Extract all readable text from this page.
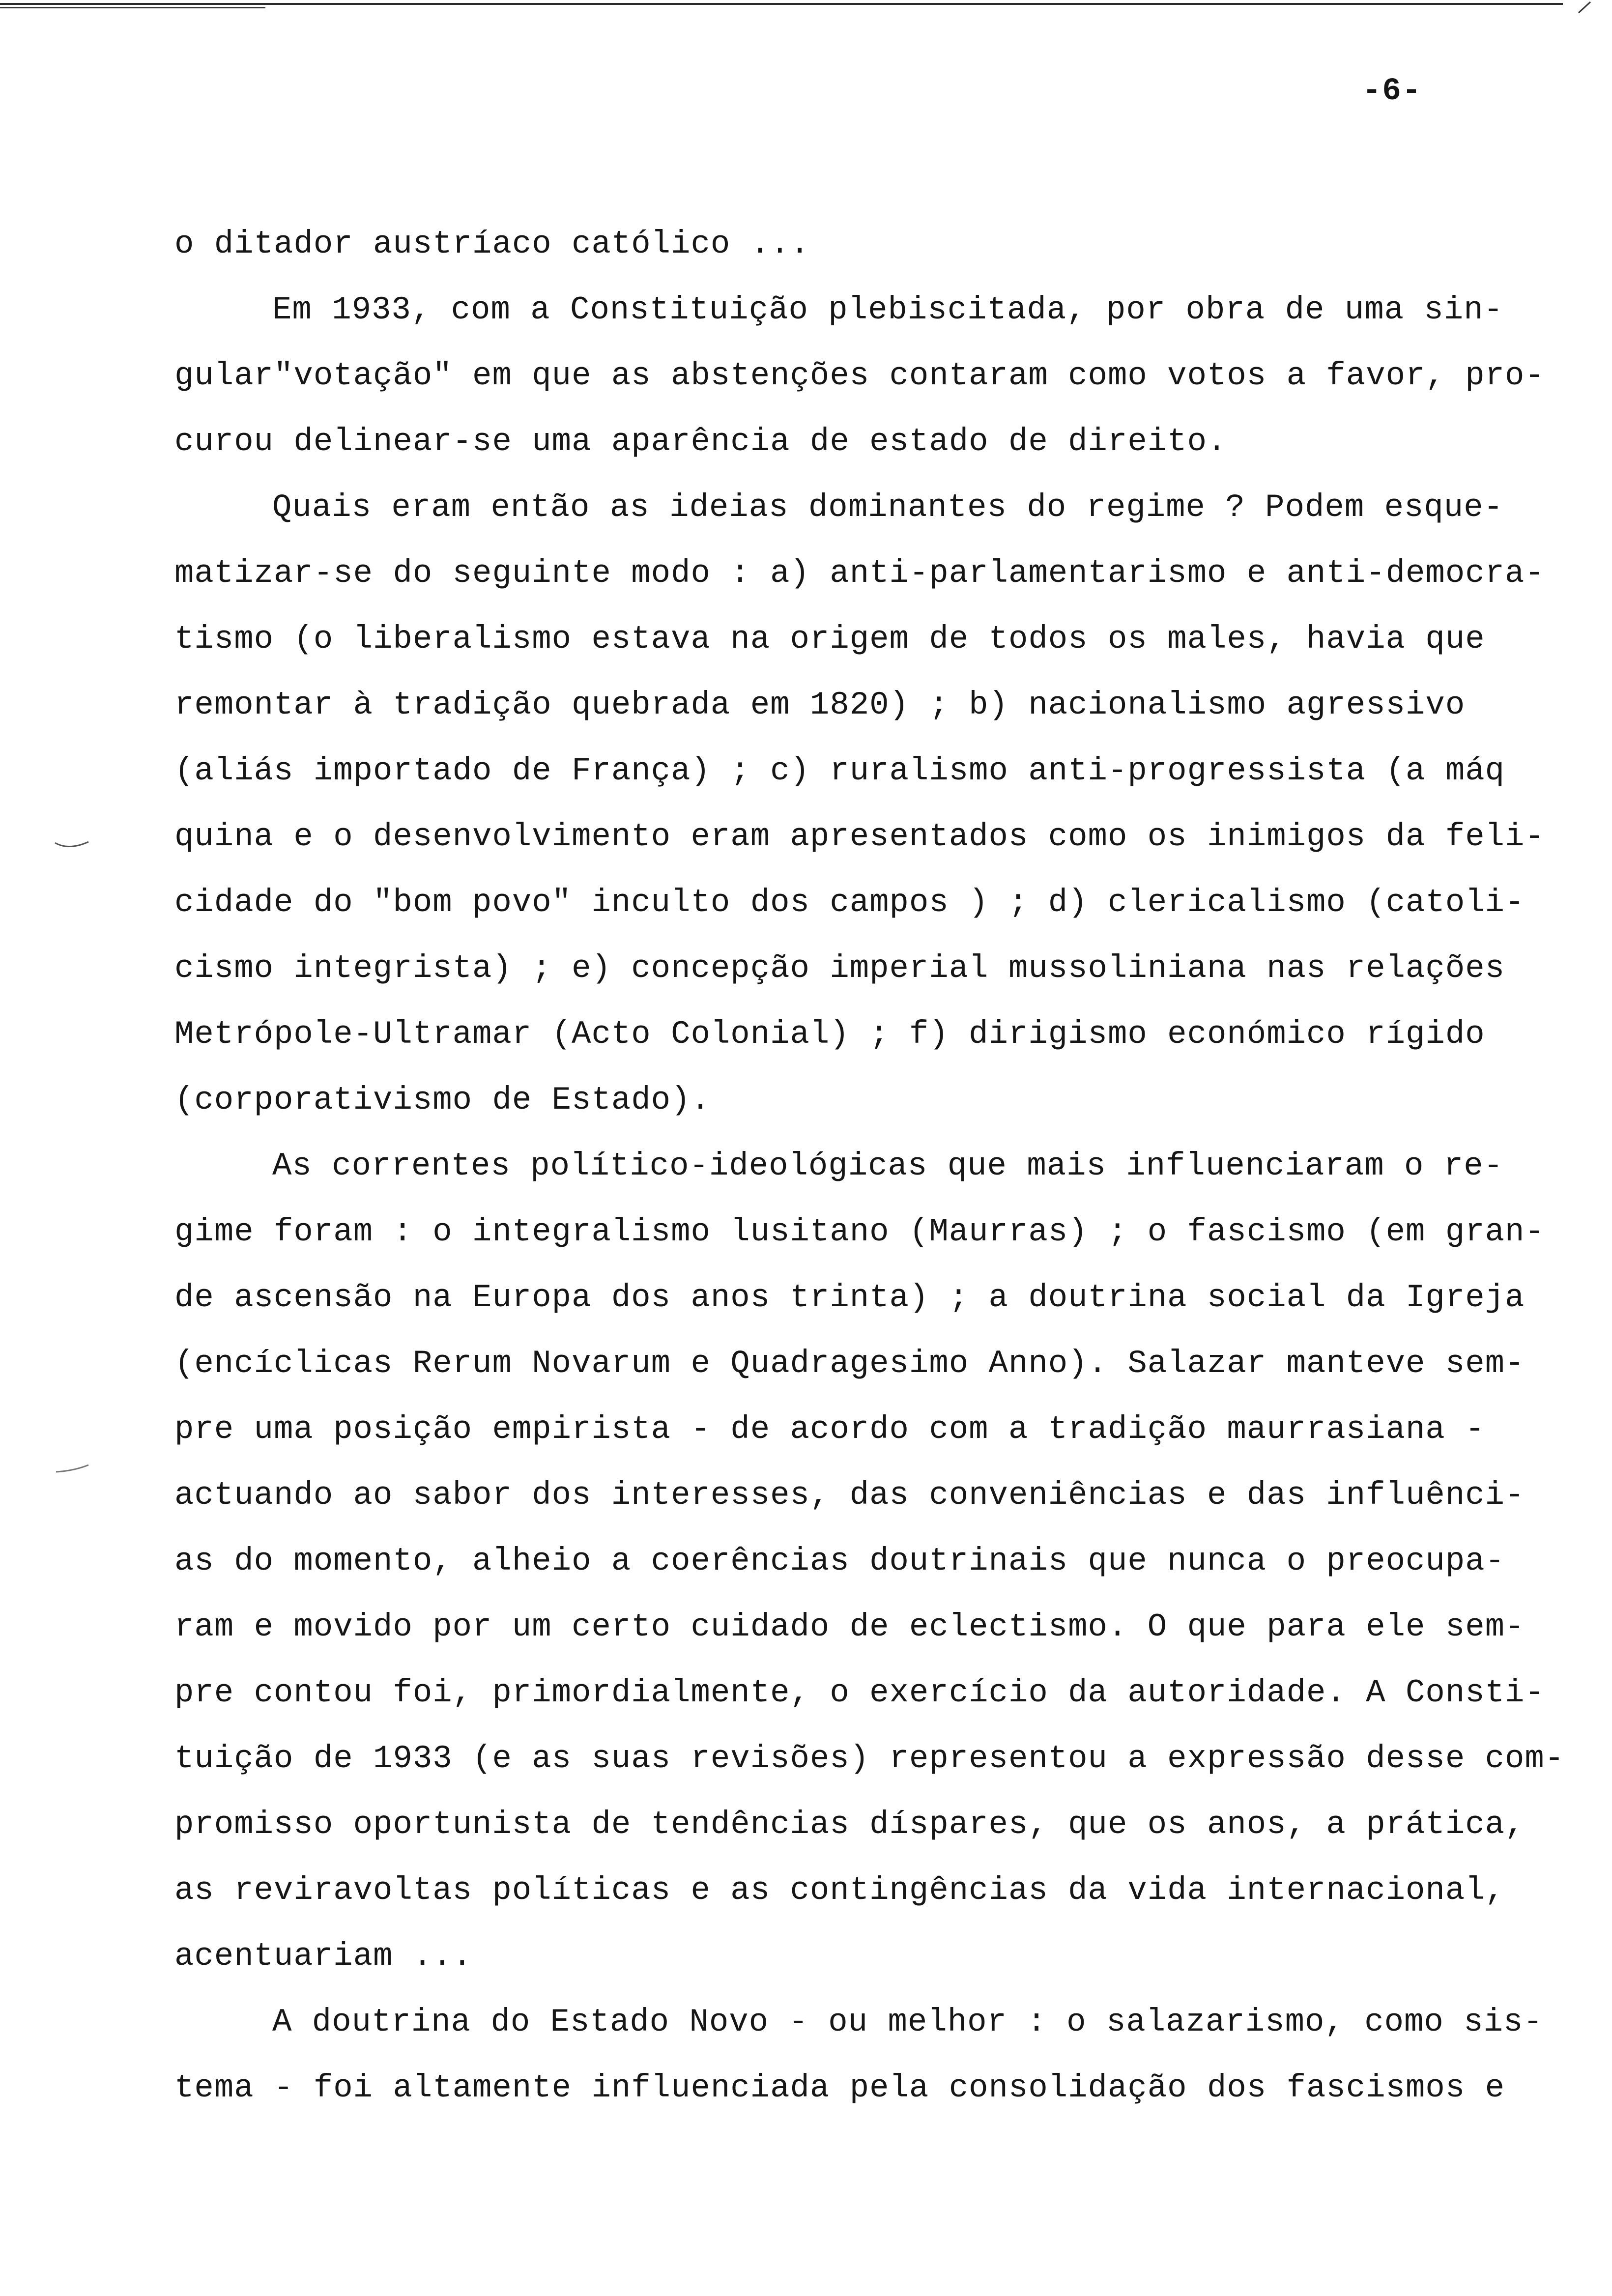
-6-
o ditador austríaco católico ...
Em 1933, com a Constituição plebiscitada, por obra de uma sin-
gular"votação" em que as abstenções contaram como votos a favor, pro-
curou delinear-se uma aparência de estado de direito.
Quais eram então as ideias dominantes do regime ? Podem esque-
matizar-se do seguinte modo : a) anti-parlamentarismo e anti-democra-
tismo (o liberalismo estava na origem de todos os males, havia que
remontar à tradição quebrada em 1820) ; b) nacionalismo agressivo
(aliás importado de França) ; c) ruralismo anti-progressista (a máq
quina e o desenvolvimento eram apresentados como os inimigos da feli-
cidade do "bom povo" inculto dos campos ) ; d) clericalismo (catoli-
cismo integrista) ; e) concepção imperial mussoliniana nas relações
Metrópole-Ultramar (Acto Colonial) ; f) dirigismo económico rígido
(corporativismo de Estado).
As correntes político-ideológicas que mais influenciaram o re-
gime foram : o integralismo lusitano (Maurras) ; o fascismo (em gran-
de ascensão na Europa dos anos trinta) ; a doutrina social da Igreja
(encíclicas Rerum Novarum e Quadragesimo Anno). Salazar manteve sem-
pre uma posição empirista - de acordo com a tradição maurrasiana -
actuando ao sabor dos interesses, das conveniências e das influênci-
as do momento, alheio a coerências doutrinais que nunca o preocupa-
ram e movido por um certo cuidado de eclectismo. O que para ele sem-
pre contou foi, primordialmente, o exercício da autoridade. A Consti-
tuição de 1933 (e as suas revisões) representou a expressão desse com-
promisso oportunista de tendências díspares, que os anos, a prática,
as reviravoltas políticas e as contingências da vida internacional,
acentuariam ...
A doutrina do Estado Novo - ou melhor : o salazarismo, como sis-
tema - foi altamente influenciada pela consolidação dos fascismos e
